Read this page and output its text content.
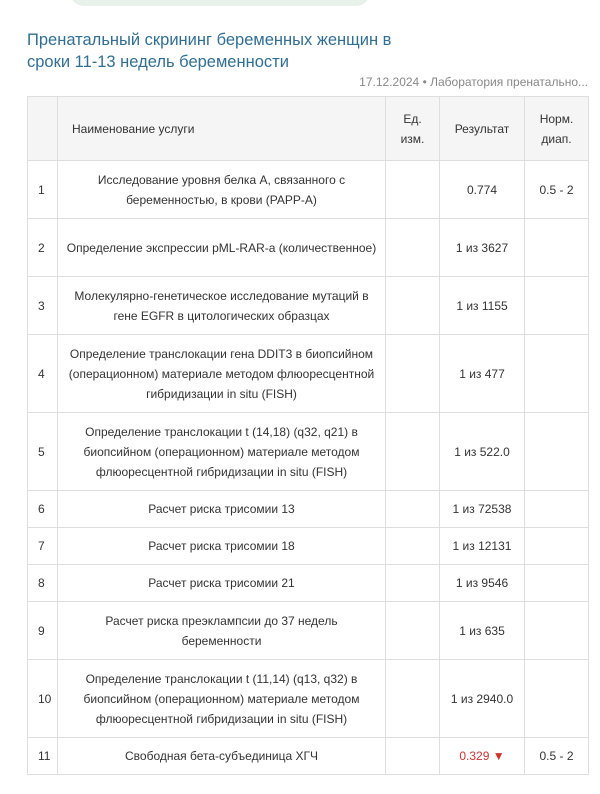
Пренатальный скрининг беременных женщин в сроки 11-13 недель беременности
17.12.2024 • Лаборатория пренатально...
	Наименование услуги	Ед. изм.	Результат	Норм. диап.
1	Исследование уровня белка А, связанного с беременностью, в крови (PAPP-A)		0.774	0.5 - 2
2	Определение экспрессии pML-RAR-a (количественное)		1 из 3627	
3	Молекулярно-генетическое исследование мутаций в гене EGFR в цитологических образцах		1 из 1155	
4	Определение транслокации гена DDIT3 в биопсийном (операционном) материале методом флюоресцентной гибридизации in situ (FISH)		1 из 477	
5	Определение транслокации t (14,18) (q32, q21) в биопсийном (операционном) материале методом флюоресцентной гибридизации in situ (FISH)		1 из 522.0	
6	Расчет риска трисомии 13		1 из 72538	
7	Расчет риска трисомии 18		1 из 12131	
8	Расчет риска трисомии 21		1 из 9546	
9	Расчет риска преэклампсии до 37 недель беременности		1 из 635	
10	Определение транслокации t (11,14) (q13, q32) в биопсийном (операционном) материале методом флюоресцентной гибридизации in situ (FISH)		1 из 2940.0	
11	Свободная бета-субъединица ХГЧ		0.329 ▼	0.5 - 2
